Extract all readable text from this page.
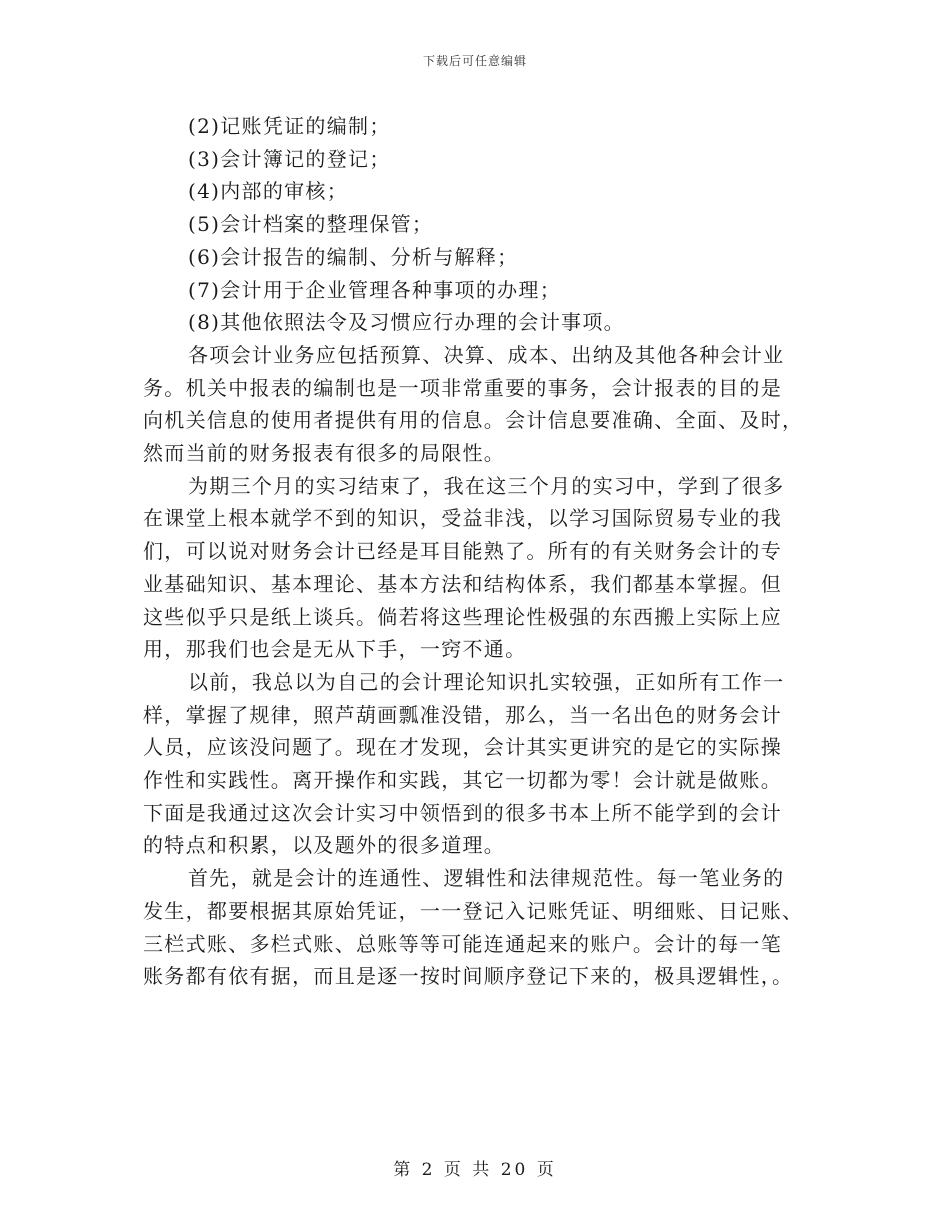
下载后可任意编辑
(2)记账凭证的编制；
(3)会计簿记的登记；
(4)内部的审核；
(5)会计档案的整理保管；
(6)会计报告的编制、分析与解释；
(7)会计用于企业管理各种事项的办理；
(8)其他依照法令及习惯应行办理的会计事项。
各项会计业务应包括预算、决算、成本、出纳及其他各种会计业
务。机关中报表的编制也是一项非常重要的事务，会计报表的目的是
向机关信息的使用者提供有用的信息。会计信息要准确、全面、及时，
然而当前的财务报表有很多的局限性。
为期三个月的实习结束了，我在这三个月的实习中，学到了很多
在课堂上根本就学不到的知识，受益非浅，以学习国际贸易专业的我
们，可以说对财务会计已经是耳目能熟了。所有的有关财务会计的专
业基础知识、基本理论、基本方法和结构体系，我们都基本掌握。但
这些似乎只是纸上谈兵。倘若将这些理论性极强的东西搬上实际上应
用，那我们也会是无从下手，一窍不通。
以前，我总以为自己的会计理论知识扎实较强，正如所有工作一
样，掌握了规律，照芦葫画瓢准没错，那么，当一名出色的财务会计
人员，应该没问题了。现在才发现，会计其实更讲究的是它的实际操
作性和实践性。离开操作和实践，其它一切都为零！会计就是做账。
下面是我通过这次会计实习中领悟到的很多书本上所不能学到的会计
的特点和积累，以及题外的很多道理。
首先，就是会计的连通性、逻辑性和法律规范性。每一笔业务的
发生，都要根据其原始凭证，一一登记入记账凭证、明细账、日记账、
三栏式账、多栏式账、总账等等可能连通起来的账户。会计的每一笔
账务都有依有据，而且是逐一按时间顺序登记下来的，极具逻辑性，。
第 2 页 共 20 页
